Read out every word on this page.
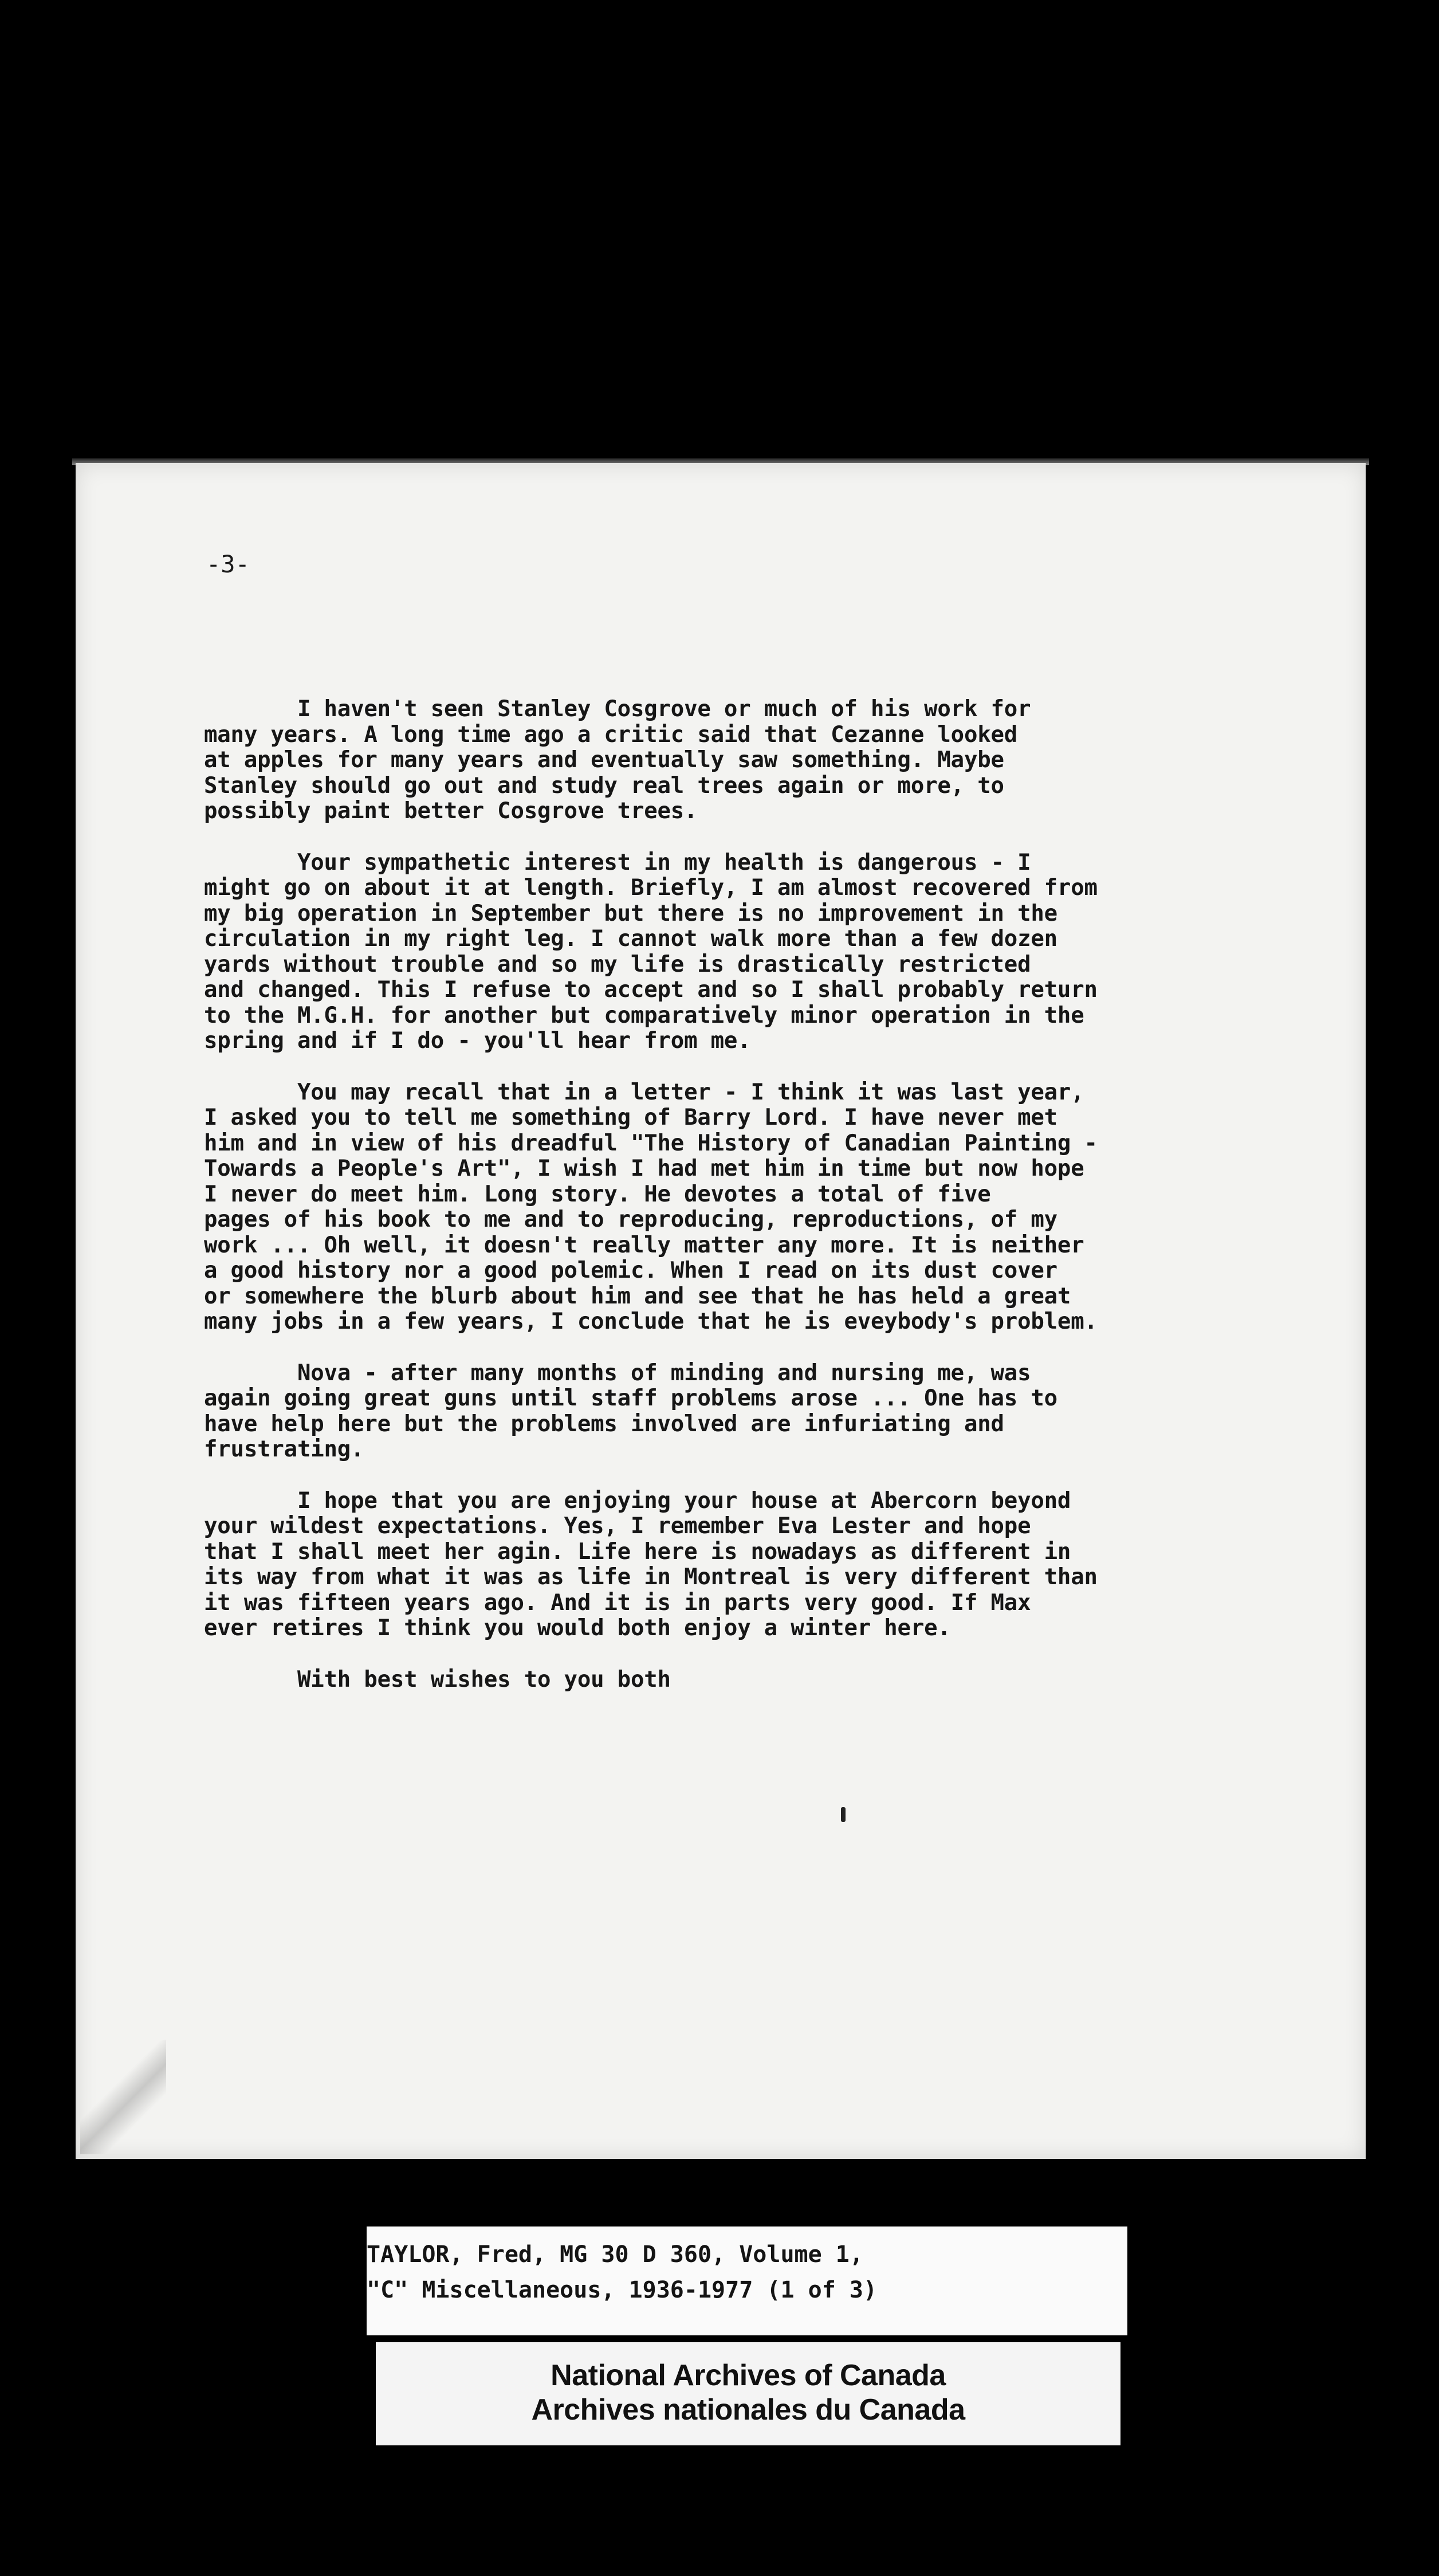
-3-

I haven't seen Stanley Cosgrove or much of his work for
many years. A long time ago a critic said that Cezanne looked
at apples for many years and eventually saw something. Maybe
Stanley should go out and study real trees again or more, to
possibly paint better Cosgrove trees.

Your sympathetic interest in my health is dangerous - I
might go on about it at length. Briefly, I am almost recovered from
my big operation in September but there is no improvement in the
circulation in my right leg. I cannot walk more than a few dozen
yards without trouble and so my life is drastically restricted
and changed. This I refuse to accept and so I shall probably return
to the M.G.H. for another but comparatively minor operation in the
spring and if I do - you'll hear from me.

You may recall that in a letter - I think it was last year,
I asked you to tell me something of Barry Lord. I have never met
him and in view of his dreadful "The History of Canadian Painting -
Towards a People's Art", I wish I had met him in time but now hope
I never do meet him. Long story. He devotes a total of five
pages of his book to me and to reproducing, reproductions, of my
work ... Oh well, it doesn't really matter any more. It is neither
a good history nor a good polemic. When I read on its dust cover
or somewhere the blurb about him and see that he has held a great
many jobs in a few years, I conclude that he is eveybody's problem.

Nova - after many months of minding and nursing me, was
again going great guns until staff problems arose ... One has to
have help here but the problems involved are infuriating and
frustrating.

I hope that you are enjoying your house at Abercorn beyond
your wildest expectations. Yes, I remember Eva Lester and hope
that I shall meet her agin. Life here is nowadays as different in
its way from what it was as life in Montreal is very different than
it was fifteen years ago. And it is in parts very good. If Max
ever retires I think you would both enjoy a winter here.

With best wishes to you both

TAYLOR, Fred, MG 30 D 360, Volume 1,
"C" Miscellaneous, 1936-1977 (1 of 3)
National Archives of Canada
Archives nationales du Canada
